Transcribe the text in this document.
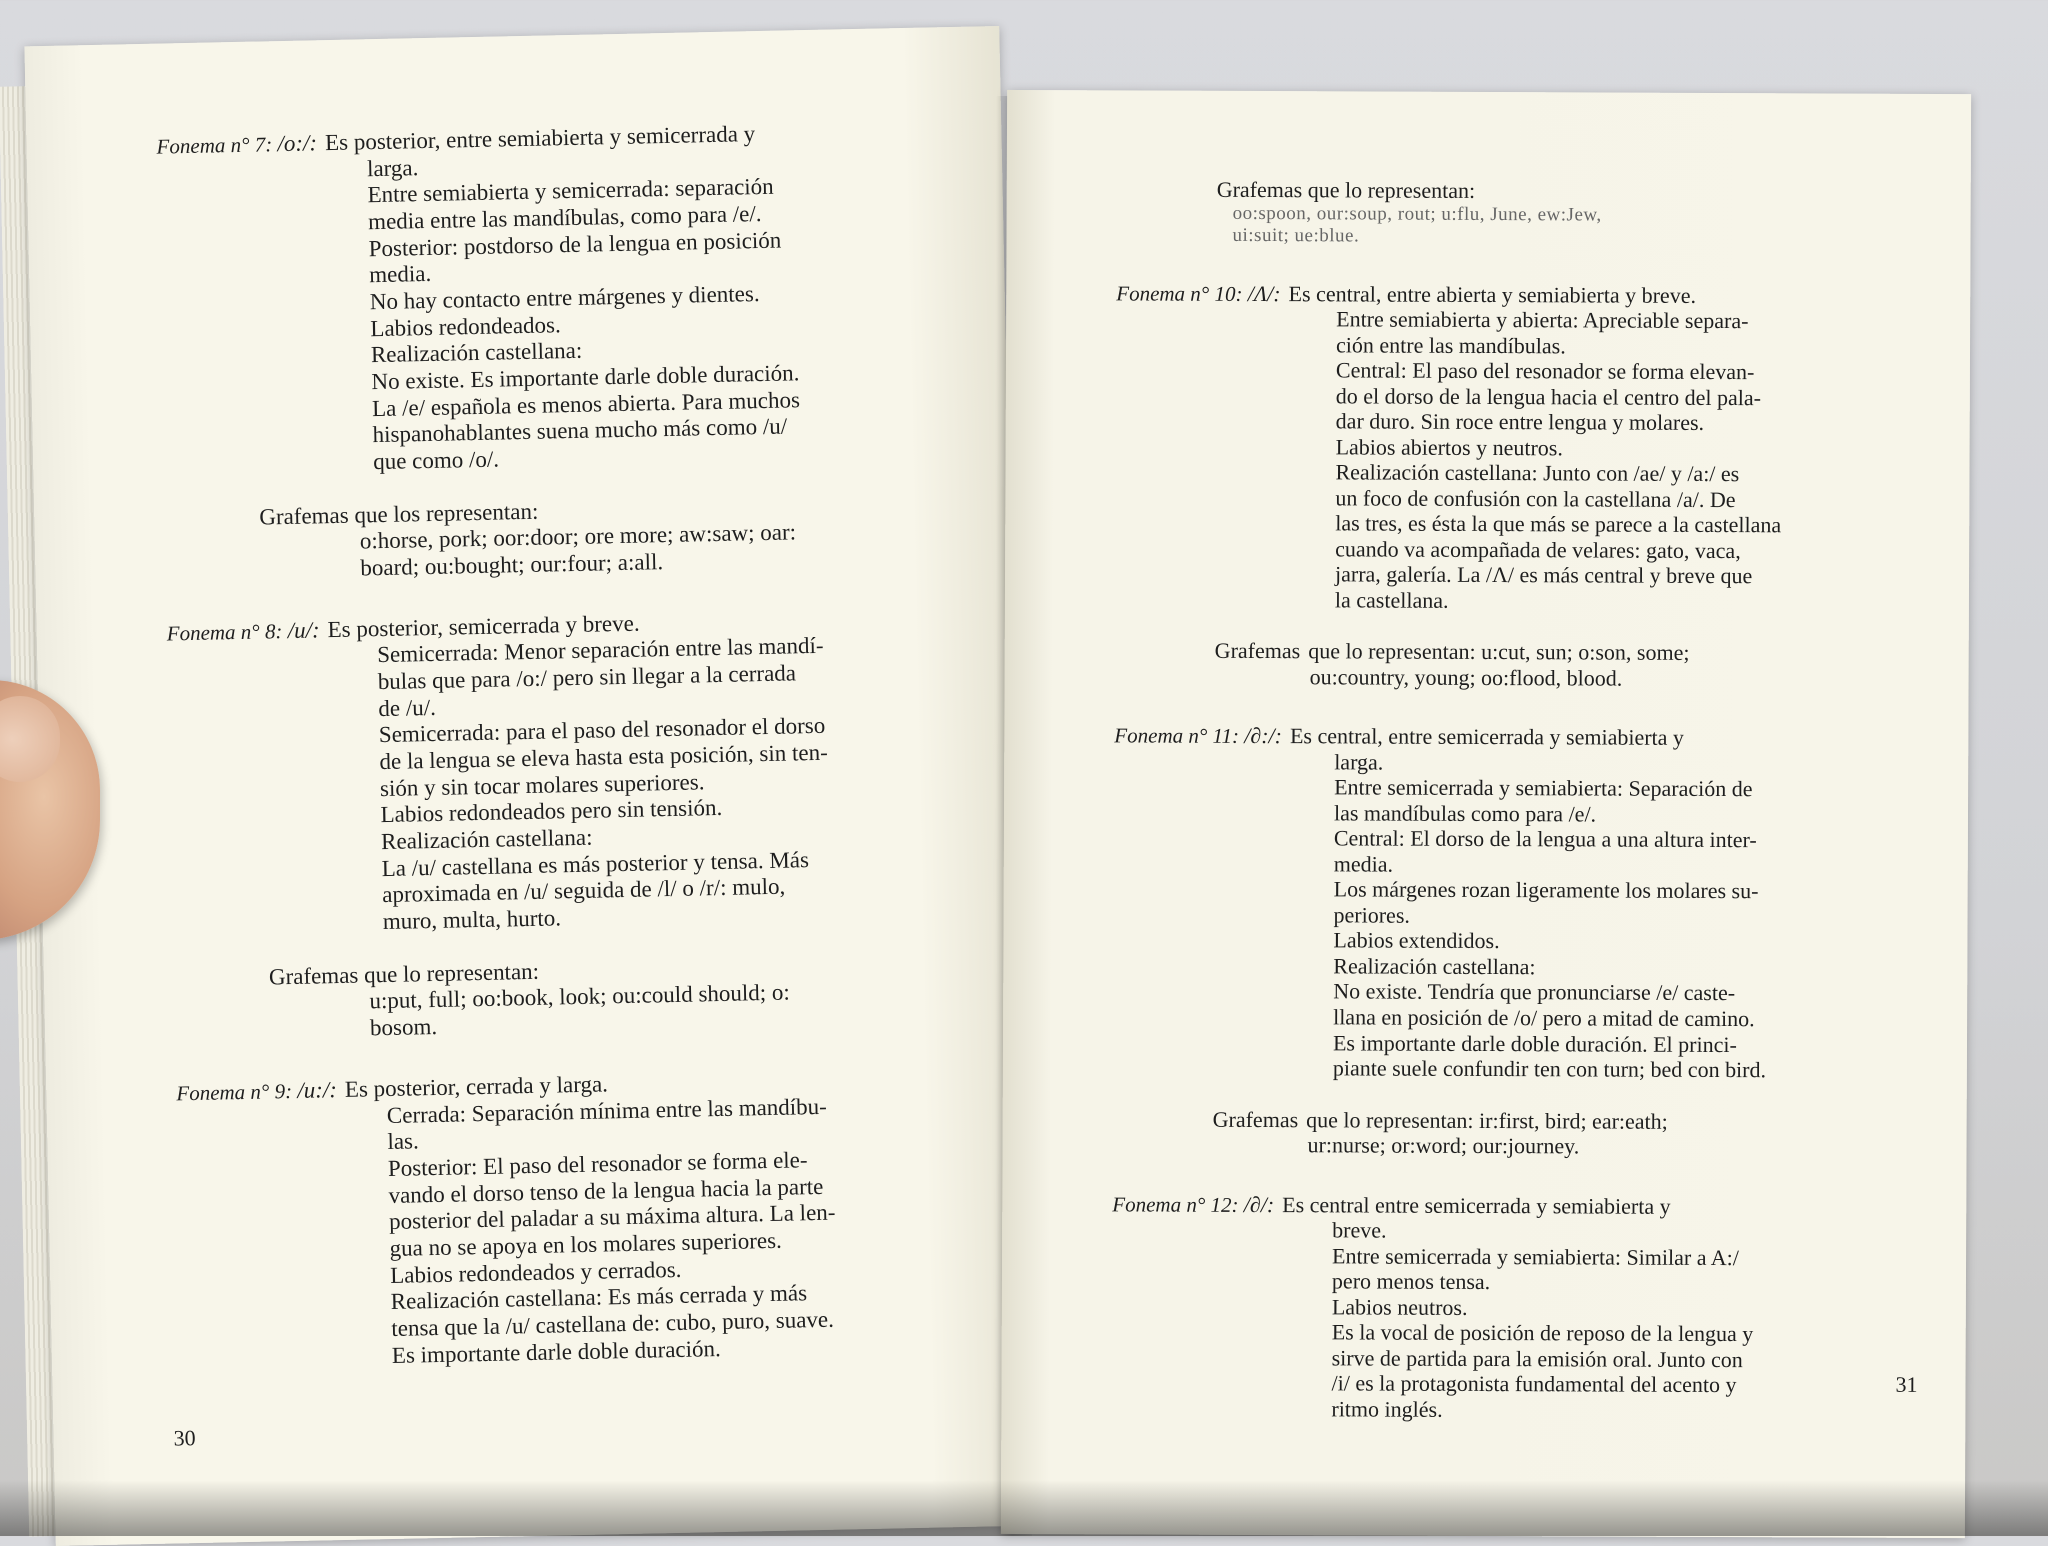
Fonema n° 7: /o:/: Es posterior, entre semiabierta y semicerrada y
larga.
Entre semiabierta y semicerrada: separación
media entre las mandíbulas, como para /e/.
Posterior: postdorso de la lengua en posición
media.
No hay contacto entre márgenes y dientes.
Labios redondeados.
Realización castellana:
No existe. Es importante darle doble duración.
La /e/ española es menos abierta. Para muchos
hispanohablantes suena mucho más como /u/
que como /o/.
Grafemas que los representan:
o:horse, pork; oor:door; ore more; aw:saw; oar:
board; ou:bought; our:four; a:all.
Fonema n° 8: /u/: Es posterior, semicerrada y breve.
Semicerrada: Menor separación entre las mandí-
bulas que para /o:/ pero sin llegar a la cerrada
de /u/.
Semicerrada: para el paso del resonador el dorso
de la lengua se eleva hasta esta posición, sin ten-
sión y sin tocar molares superiores.
Labios redondeados pero sin tensión.
Realización castellana:
La /u/ castellana es más posterior y tensa. Más
aproximada en /u/ seguida de /l/ o /r/: mulo,
muro, multa, hurto.
Grafemas que lo representan:
u:put, full; oo:book, look; ou:could should; o:
bosom.
Fonema n° 9: /u:/: Es posterior, cerrada y larga.
Cerrada: Separación mínima entre las mandíbu-
las.
Posterior: El paso del resonador se forma ele-
vando el dorso tenso de la lengua hacia la parte
posterior del paladar a su máxima altura. La len-
gua no se apoya en los molares superiores.
Labios redondeados y cerrados.
Realización castellana: Es más cerrada y más
tensa que la /u/ castellana de: cubo, puro, suave.
Es importante darle doble duración.
30
Grafemas que lo representan:
oo:spoon, our:soup, rout; u:flu, June, ew:Jew,
ui:suit; ue:blue.
Fonema n° 10: /Λ/: Es central, entre abierta y semiabierta y breve.
Entre semiabierta y abierta: Apreciable separa-
ción entre las mandíbulas.
Central: El paso del resonador se forma elevan-
do el dorso de la lengua hacia el centro del pala-
dar duro. Sin roce entre lengua y molares.
Labios abiertos y neutros.
Realización castellana: Junto con /ae/ y /a:/ es
un foco de confusión con la castellana /a/. De
las tres, es ésta la que más se parece a la castellana
cuando va acompañada de velares: gato, vaca,
jarra, galería. La /Λ/ es más central y breve que
la castellana.
Grafemas que lo representan: u:cut, sun; o:son, some;
ou:country, young; oo:flood, blood.
Fonema n° 11: /∂:/: Es central, entre semicerrada y semiabierta y
larga.
Entre semicerrada y semiabierta: Separación de
las mandíbulas como para /e/.
Central: El dorso de la lengua a una altura inter-
media.
Los márgenes rozan ligeramente los molares su-
periores.
Labios extendidos.
Realización castellana:
No existe. Tendría que pronunciarse /e/ caste-
llana en posición de /o/ pero a mitad de camino.
Es importante darle doble duración. El princi-
piante suele confundir ten con turn; bed con bird.
Grafemas que lo representan: ir:first, bird; ear:eath;
ur:nurse; or:word; our:journey.
Fonema n° 12: /∂/: Es central entre semicerrada y semiabierta y
breve.
Entre semicerrada y semiabierta: Similar a A:/
pero menos tensa.
Labios neutros.
Es la vocal de posición de reposo de la lengua y
sirve de partida para la emisión oral. Junto con
/i/ es la protagonista fundamental del acento y
ritmo inglés.
31
